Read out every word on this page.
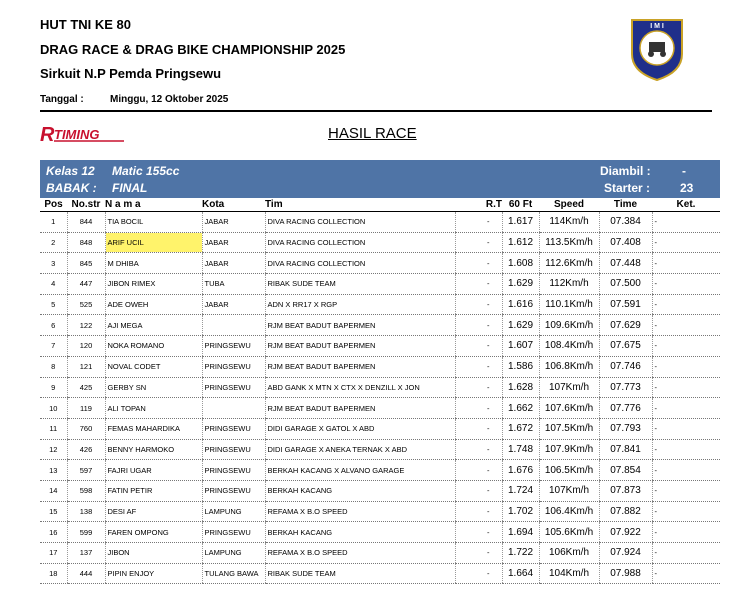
HUT TNI KE 80
DRAG RACE & DRAG BIKE CHAMPIONSHIP 2025
Sirkuit N.P Pemda Pringsewu
Tanggal :	Minggu, 12 Oktober 2025
I M I
R TIMING	HASIL RACE
Kelas 12 Matic 155cc
BABAK : FINAL
Diambil :	-
Starter : 23
Pos	No.str	N a m a	Kota	Tim	R.T	60 Ft	Speed	Time	Ket.
1	844	TIA BOCIL	JABAR	DIVA RACING COLLECTION	-	1.617	114Km/h	07.384	-
2	848	ARIF UCIL	JABAR	DIVA RACING COLLECTION	-	1.612	113.5Km/h	07.408	-
3	845	M DHIBA	JABAR	DIVA RACING COLLECTION	-	1.608	112.6Km/h	07.448	-
4	447	JIBON RIMEX	TUBA	RIBAK SUDE TEAM	-	1.629	112Km/h	07.500	-
5	525	ADE OWEH	JABAR	ADN X RR17 X RGP	-	1.616	110.1Km/h	07.591	-
6	122	AJI MEGA		RJM BEAT BADUT BAPERMEN	-	1.629	109.6Km/h	07.629	-
7	120	NOKA ROMANO	PRINGSEWU	RJM BEAT BADUT BAPERMEN	-	1.607	108.4Km/h	07.675	-
8	121	NOVAL CODET	PRINGSEWU	RJM BEAT BADUT BAPERMEN	-	1.586	106.8Km/h	07.746	-
9	425	GERBY SN	PRINGSEWU	ABD GANK X MTN X CTX X DENZILL X JON	-	1.628	107Km/h	07.773	-
10	119	ALI TOPAN		RJM BEAT BADUT BAPERMEN	-	1.662	107.6Km/h	07.776	-
11	760	FEMAS MAHARDIKA	PRINGSEWU	DIDI GARAGE X GATOL X ABD	-	1.672	107.5Km/h	07.793	-
12	426	BENNY HARMOKO	PRINGSEWU	DIDI GARAGE X ANEKA TERNAK X ABD	-	1.748	107.9Km/h	07.841	-
13	597	FAJRI UGAR	PRINGSEWU	BERKAH KACANG X ALVANO GARAGE	-	1.676	106.5Km/h	07.854	-
14	598	FATIN PETIR	PRINGSEWU	BERKAH KACANG	-	1.724	107Km/h	07.873	-
15	138	DESI AF	LAMPUNG	REFAMA X B.O SPEED	-	1.702	106.4Km/h	07.882	-
16	599	FAREN OMPONG	PRINGSEWU	BERKAH KACANG	-	1.694	105.6Km/h	07.922	-
17	137	JIBON	LAMPUNG	REFAMA X B.O SPEED	-	1.722	106Km/h	07.924	-
18	444	PIPIN ENJOY	TULANG BAWA	RIBAK SUDE TEAM	-	1.664	104Km/h	07.988	-
